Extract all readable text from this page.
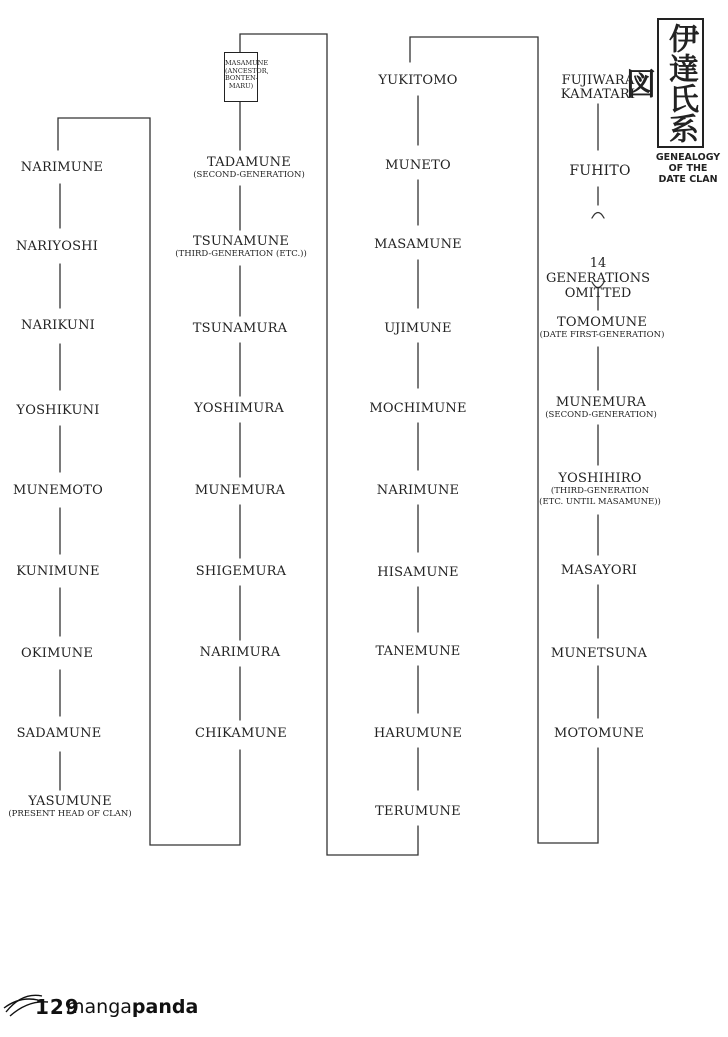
伊達氏系図
GENEALOGY
OF THE
DATE CLAN
FUJIWARA
KAMATARI
FUHITO
14
GENERATIONS
OMITTED
TOMOMUNE
(DATE FIRST-GENERATION)
MUNEMURA
(SECOND-GENERATION)
YOSHIHIRO
(THIRD-GENERATION
(ETC. UNTIL MASAMUNE))
MASAYORI
MUNETSUNA
MOTOMUNE
YUKITOMO
MUNETO
MASAMUNE
UJIMUNE
MOCHIMUNE
NARIMUNE
HISAMUNE
TANEMUNE
HARUMUNE
TERUMUNE
MASAMUNE
(ANCESTOR,
BONTEN-
MARU)
TADAMUNE
(SECOND-GENERATION)
TSUNAMUNE
(THIRD-GENERATION (ETC.))
TSUNAMURA
YOSHIMURA
MUNEMURA
SHIGEMURA
NARIMURA
CHIKAMUNE
NARIMUNE
NARIYOSHI
NARIKUNI
YOSHIKUNI
MUNEMOTO
KUNIMUNE
OKIMUNE
SADAMUNE
YASUMUNE
(PRESENT HEAD OF CLAN)
129
mangapanda
